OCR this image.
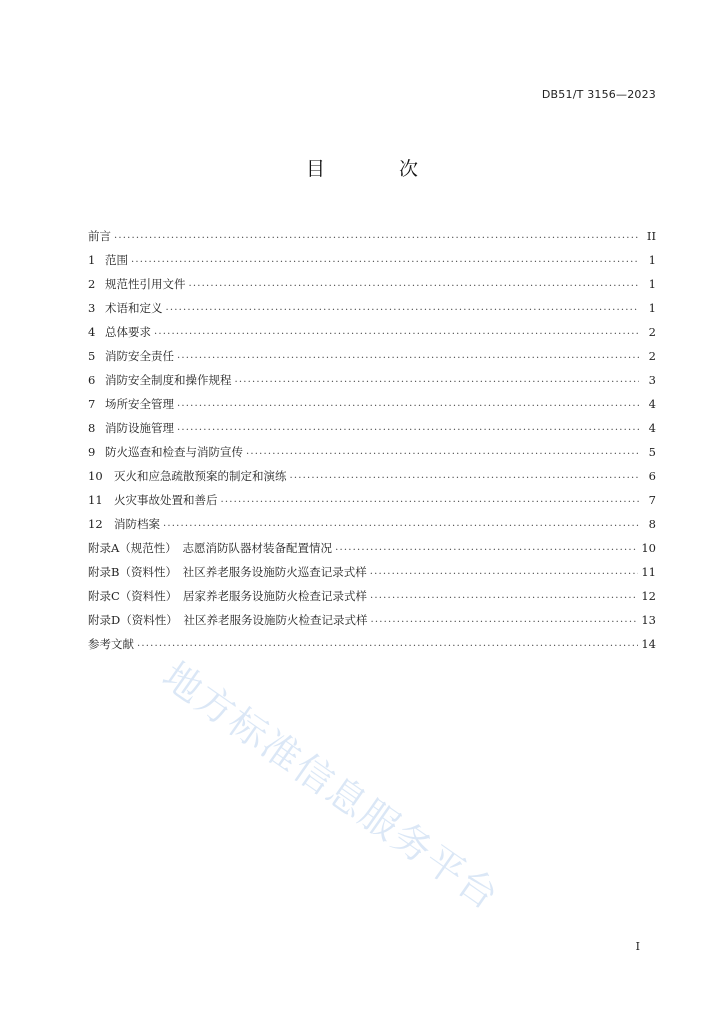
DB51/T 3156—2023
目 次
前言 .....	II
1 范围 .....	1
2 规范性引用文件 .....	1
3 术语和定义 .....	1
4 总体要求 .....	2
5 消防安全责任 .....	2
6 消防安全制度和操作规程 .....	3
7 场所安全管理 .....	4
8 消防设施管理 .....	4
9 防火巡查和检查与消防宣传 .....	5
10 灭火和应急疏散预案的制定和演练 .....	6
11 火灾事故处置和善后 .....	7
12 消防档案 .....	8
附录A（规范性）　志愿消防队器材装备配置情况 .....	10
附录B（资料性）　社区养老服务设施防火巡查记录式样 .....	11
附录C（资料性）　居家养老服务设施防火检查记录式样 .....	12
附录D（资料性）　社区养老服务设施防火检查记录式样 .....	13
参考文献 .....	14
地方标准信息服务平台
I
